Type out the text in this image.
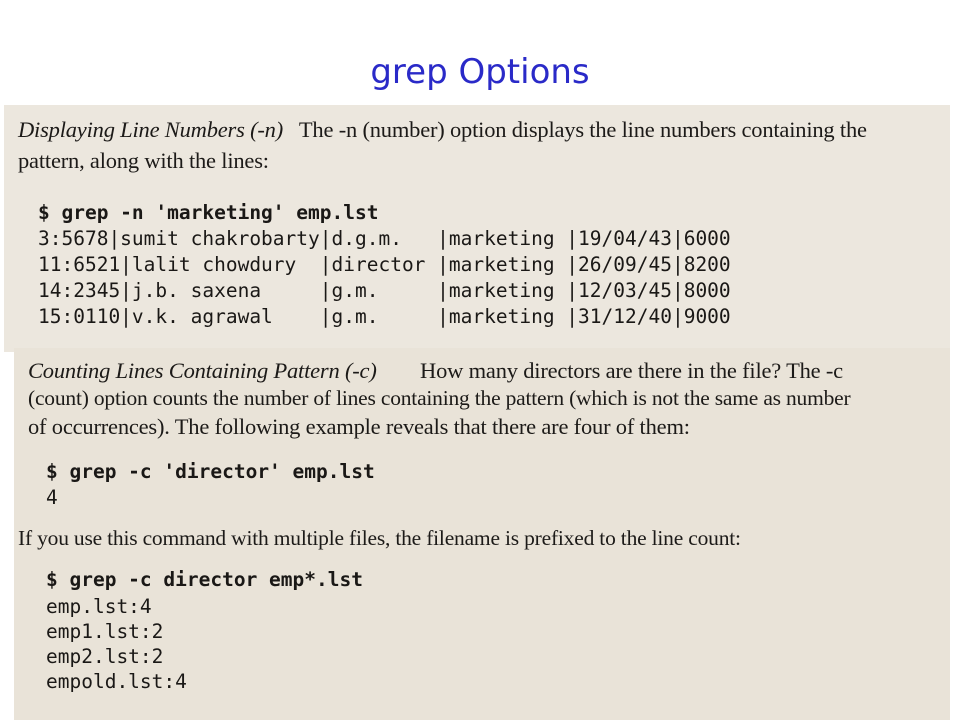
grep Options

Displaying Line Numbers (-n) The -n (number) option displays the line numbers containing the
pattern, along with the lines:
$ grep -n 'marketing' emp.lst
3:5678|sumit chakrobarty|d.g.m.   |marketing |19/04/43|6000
11:6521|lalit chowdury  |director |marketing |26/09/45|8200
14:2345|j.b. saxena     |g.m.     |marketing |12/03/45|8000
15:0110|v.k. agrawal    |g.m.     |marketing |31/12/40|9000
Counting Lines Containing Pattern (-c) How many directors are there in the file? The -c
(count) option counts the number of lines containing the pattern (which is not the same as number
of occurrences). The following example reveals that there are four of them:
$ grep -c 'director' emp.lst
4
If you use this command with multiple files, the filename is prefixed to the line count:
$ grep -c director emp*.lst
emp.lst:4
emp1.lst:2
emp2.lst:2
empold.lst:4
